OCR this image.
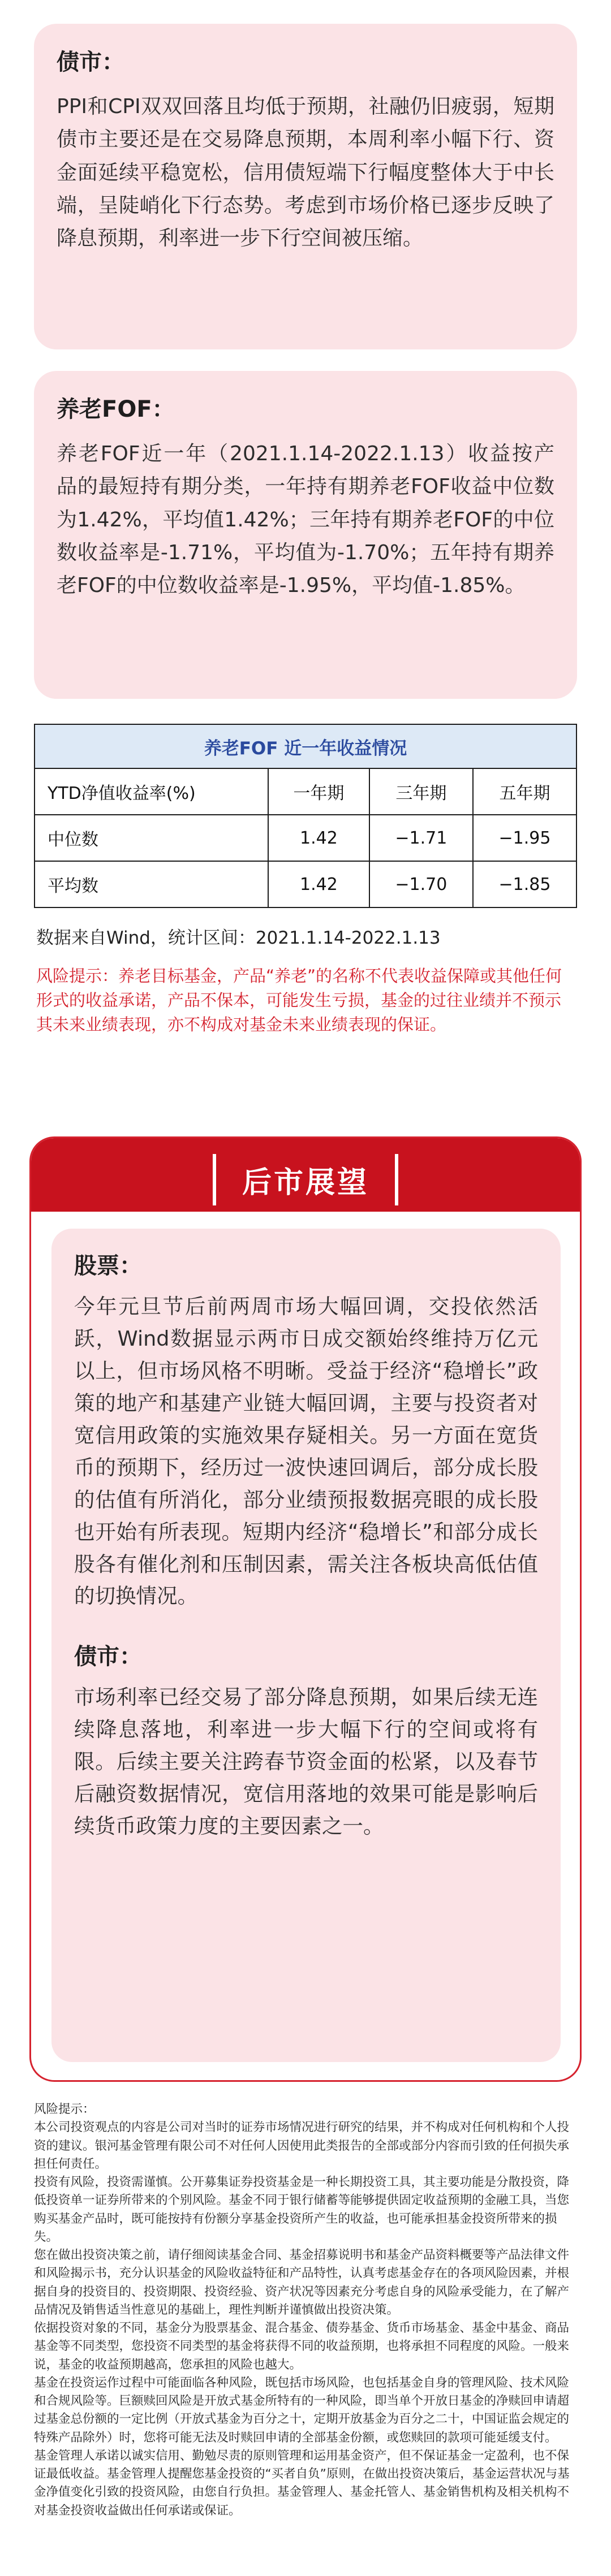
债市：

PPI和CPI双双回落且均低于预期，社融仍旧疲弱，短期债市主要还是在交易降息预期，本周利率小幅下行、资金面延续平稳宽松，信用债短端下行幅度整体大于中长端，呈陡峭化下行态势。考虑到市场价格已逐步反映了降息预期，利率进一步下行空间被压缩。

养老FOF：

养老FOF近一年（2021.1.14-2022.1.13）收益按产品的最短持有期分类，一年持有期养老FOF收益中位数为1.42%，平均值1.42%；三年持有期养老FOF的中位数收益率是-1.71%，平均值为-1.70%；五年持有期养老FOF的中位数收益率是-1.95%，平均值-1.85%。

养老FOF 近一年收益情况			
YTD净值收益率(%)	一年期	三年期	五年期
中位数	1.42	−1.71	−1.95
平均数	1.42	−1.70	−1.85

数据来自Wind，统计区间：2021.1.14-2022.1.13

风险提示：养老目标基金，产品“养老”的名称不代表收益保障或其他任何形式的收益承诺，产品不保本，可能发生亏损，基金的过往业绩并不预示其未来业绩表现，亦不构成对基金未来业绩表现的保证。

后市展望

股票：

今年元旦节后前两周市场大幅回调，交投依然活跃，Wind数据显示两市日成交额始终维持万亿元以上，但市场风格不明晰。受益于经济“稳增长”政策的地产和基建产业链大幅回调，主要与投资者对宽信用政策的实施效果存疑相关。另一方面在宽货币的预期下，经历过一波快速回调后，部分成长股的估值有所消化，部分业绩预报数据亮眼的成长股也开始有所表现。短期内经济“稳增长”和部分成长股各有催化剂和压制因素，需关注各板块高低估值的切换情况。

债市：

市场利率已经交易了部分降息预期，如果后续无连续降息落地，利率进一步大幅下行的空间或将有限。后续主要关注跨春节资金面的松紧，以及春节后融资数据情况，宽信用落地的效果可能是影响后续货币政策力度的主要因素之一。

风险提示：

本公司投资观点的内容是公司对当时的证券市场情况进行研究的结果，并不构成对任何机构和个人投资的建议。银河基金管理有限公司不对任何人因使用此类报告的全部或部分内容而引致的任何损失承担任何责任。

投资有风险，投资需谨慎。公开募集证券投资基金是一种长期投资工具，其主要功能是分散投资，降低投资单一证券所带来的个别风险。基金不同于银行储蓄等能够提供固定收益预期的金融工具，当您购买基金产品时，既可能按持有份额分享基金投资所产生的收益，也可能承担基金投资所带来的损失。

您在做出投资决策之前，请仔细阅读基金合同、基金招募说明书和基金产品资料概要等产品法律文件和风险揭示书，充分认识基金的风险收益特征和产品特性，认真考虑基金存在的各项风险因素，并根据自身的投资目的、投资期限、投资经验、资产状况等因素充分考虑自身的风险承受能力，在了解产品情况及销售适当性意见的基础上，理性判断并谨慎做出投资决策。

依据投资对象的不同，基金分为股票基金、混合基金、债券基金、货币市场基金、基金中基金、商品基金等不同类型，您投资不同类型的基金将获得不同的收益预期，也将承担不同程度的风险。一般来说，基金的收益预期越高，您承担的风险也越大。

基金在投资运作过程中可能面临各种风险，既包括市场风险，也包括基金自身的管理风险、技术风险和合规风险等。巨额赎回风险是开放式基金所特有的一种风险，即当单个开放日基金的净赎回申请超过基金总份额的一定比例（开放式基金为百分之十，定期开放基金为百分之二十，中国证监会规定的特殊产品除外）时，您将可能无法及时赎回申请的全部基金份额，或您赎回的款项可能延缓支付。

基金管理人承诺以诚实信用、勤勉尽责的原则管理和运用基金资产，但不保证基金一定盈利，也不保证最低收益。基金管理人提醒您基金投资的“买者自负”原则，在做出投资决策后，基金运营状况与基金净值变化引致的投资风险，由您自行负担。基金管理人、基金托管人、基金销售机构及相关机构不对基金投资收益做出任何承诺或保证。
